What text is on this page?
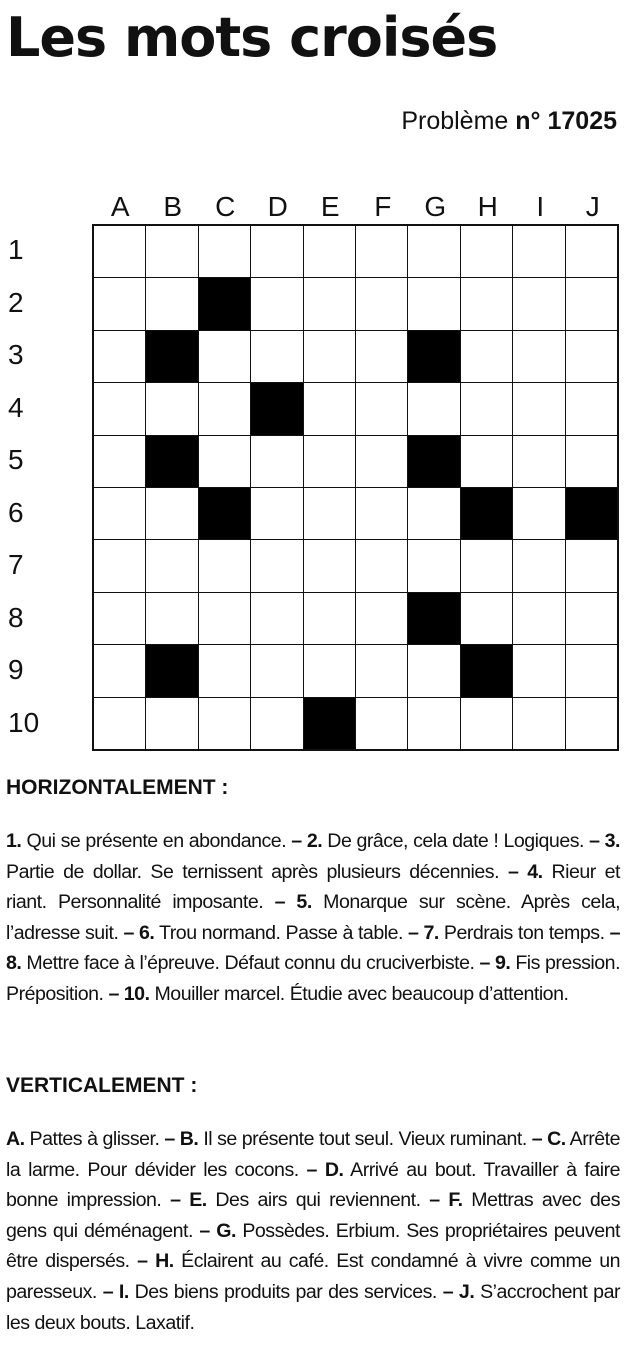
Les mots croisés
Problème n° 17025
A	B	C	D	E	F	G	H	I	J
1
2
3
4
5
6
7
8
9
10
HORIZONTALEMENT :
1. Qui se présente en abondance. – 2. De grâce, cela date ! Logiques. – 3. Partie de dollar. Se ternissent après plusieurs décennies. – 4. Rieur et riant. Personnalité imposante. – 5. Monarque sur scène. Après cela, l’adresse suit. – 6. Trou normand. Passe à table. – 7. Perdrais ton temps. – 8. Mettre face à l’épreuve. Défaut connu du cruciverbiste. – 9. Fis pression. Préposition. – 10. Mouiller marcel. Étudie avec beaucoup d’attention.
VERTICALEMENT :
A. Pattes à glisser. – B. Il se présente tout seul. Vieux ruminant. – C. Arrête la larme. Pour dévider les cocons. – D. Arrivé au bout. Travailler à faire bonne impression. – E. Des airs qui reviennent. – F. Mettras avec des gens qui déménagent. – G. Possèdes. Erbium. Ses propriétaires peuvent être dispersés. – H. Éclairent au café. Est condamné à vivre comme un paresseux. – I. Des biens produits par des services. – J. S’accrochent par les deux bouts. Laxatif.
